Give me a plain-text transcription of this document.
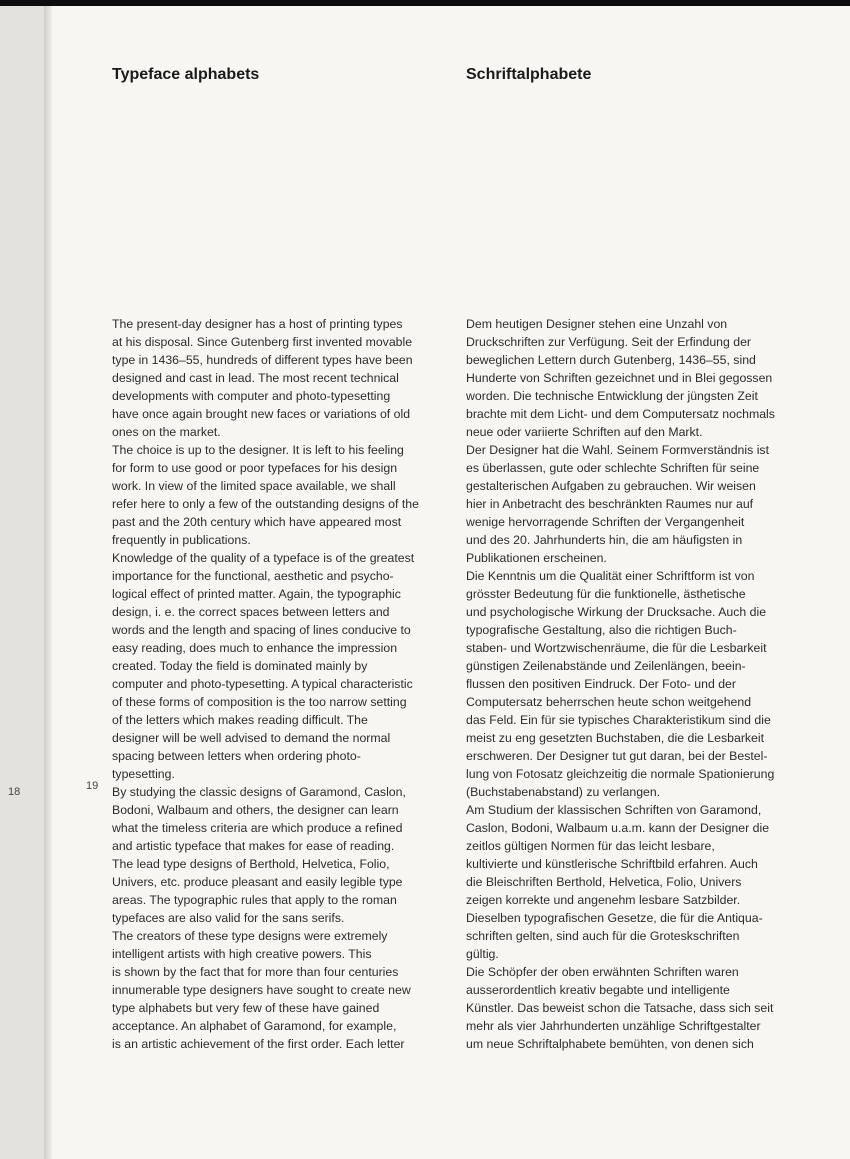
18	19
Typeface alphabets	Schriftalphabete
The present-day designer has a host of printing types
at his disposal. Since Gutenberg first invented movable
type in 1436–55, hundreds of different types have been
designed and cast in lead. The most recent technical
developments with computer and photo-typesetting
have once again brought new faces or variations of old
ones on the market.
The choice is up to the designer. It is left to his feeling
for form to use good or poor typefaces for his design
work. In view of the limited space available, we shall
refer here to only a few of the outstanding designs of the
past and the 20th century which have appeared most
frequently in publications.
Knowledge of the quality of a typeface is of the greatest
importance for the functional, aesthetic and psycho-
logical effect of printed matter. Again, the typographic
design, i. e. the correct spaces between letters and
words and the length and spacing of lines conducive to
easy reading, does much to enhance the impression
created. Today the field is dominated mainly by
computer and photo-typesetting. A typical characteristic
of these forms of composition is the too narrow setting
of the letters which makes reading difficult. The
designer will be well advised to demand the normal
spacing between letters when ordering photo-
typesetting.
By studying the classic designs of Garamond, Caslon,
Bodoni, Walbaum and others, the designer can learn
what the timeless criteria are which produce a refined
and artistic typeface that makes for ease of reading.
The lead type designs of Berthold, Helvetica, Folio,
Univers, etc. produce pleasant and easily legible type
areas. The typographic rules that apply to the roman
typefaces are also valid for the sans serifs.
The creators of these type designs were extremely
intelligent artists with high creative powers. This
is shown by the fact that for more than four centuries
innumerable type designers have sought to create new
type alphabets but very few of these have gained
acceptance. An alphabet of Garamond, for example,
is an artistic achievement of the first order. Each letter
Dem heutigen Designer stehen eine Unzahl von
Druckschriften zur Verfügung. Seit der Erfindung der
beweglichen Lettern durch Gutenberg, 1436–55, sind
Hunderte von Schriften gezeichnet und in Blei gegossen
worden. Die technische Entwicklung der jüngsten Zeit
brachte mit dem Licht- und dem Computersatz nochmals
neue oder variierte Schriften auf den Markt.
Der Designer hat die Wahl. Seinem Formverständnis ist
es überlassen, gute oder schlechte Schriften für seine
gestalterischen Aufgaben zu gebrauchen. Wir weisen
hier in Anbetracht des beschränkten Raumes nur auf
wenige hervorragende Schriften der Vergangenheit
und des 20. Jahrhunderts hin, die am häufigsten in
Publikationen erscheinen.
Die Kenntnis um die Qualität einer Schriftform ist von
grösster Bedeutung für die funktionelle, ästhetische
und psychologische Wirkung der Drucksache. Auch die
typografische Gestaltung, also die richtigen Buch-
staben- und Wortzwischenräume, die für die Lesbarkeit
günstigen Zeilenabstände und Zeilenlängen, beein-
flussen den positiven Eindruck. Der Foto- und der
Computersatz beherrschen heute schon weitgehend
das Feld. Ein für sie typisches Charakteristikum sind die
meist zu eng gesetzten Buchstaben, die die Lesbarkeit
erschweren. Der Designer tut gut daran, bei der Bestel-
lung von Fotosatz gleichzeitig die normale Spationierung
(Buchstabenabstand) zu verlangen.
Am Studium der klassischen Schriften von Garamond,
Caslon, Bodoni, Walbaum u.a.m. kann der Designer die
zeitlos gültigen Normen für das leicht lesbare,
kultivierte und künstlerische Schriftbild erfahren. Auch
die Bleischriften Berthold, Helvetica, Folio, Univers
zeigen korrekte und angenehm lesbare Satzbilder.
Dieselben typografischen Gesetze, die für die Antiqua-
schriften gelten, sind auch für die Groteskschriften
gültig.
Die Schöpfer der oben erwähnten Schriften waren
ausserordentlich kreativ begabte und intelligente
Künstler. Das beweist schon die Tatsache, dass sich seit
mehr als vier Jahrhunderten unzählige Schriftgestalter
um neue Schriftalphabete bemühten, von denen sich
